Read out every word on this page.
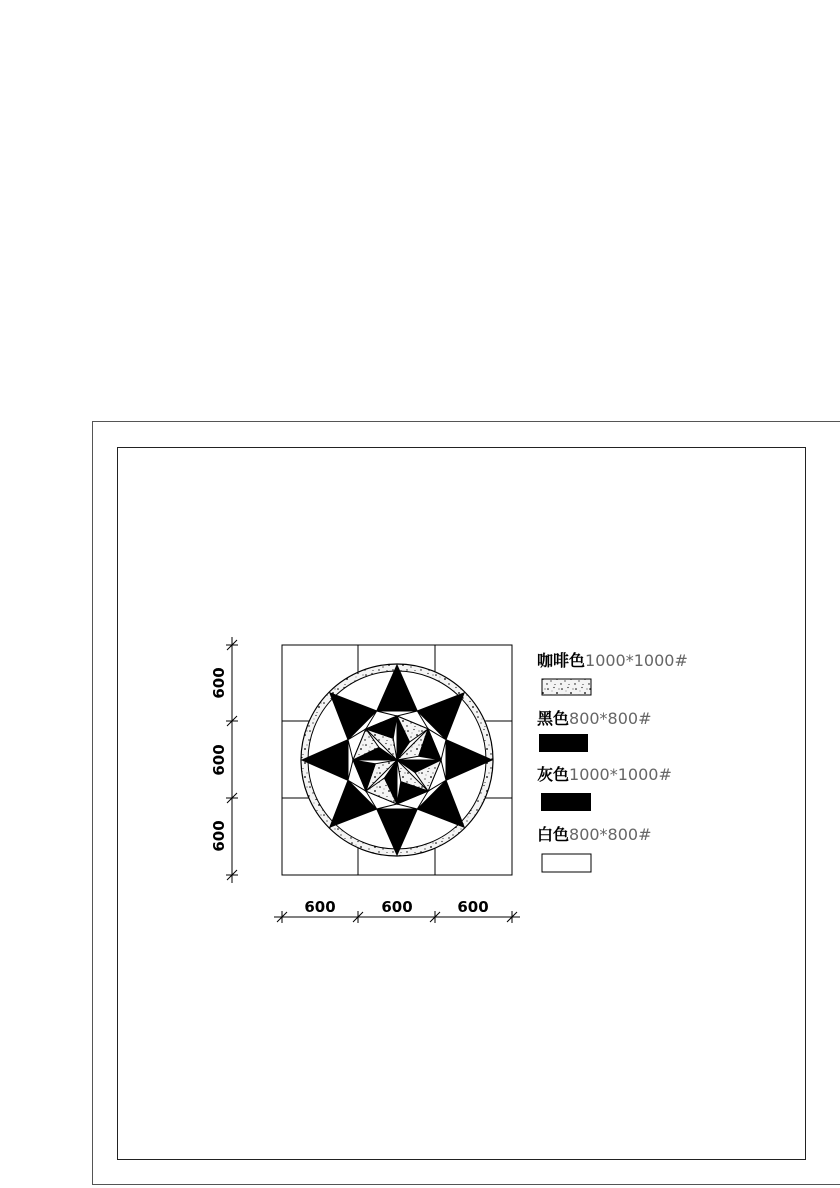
600
600
600
600	600	600
咖啡色1000*1000#
黑色800*800#
灰色1000*1000#
白色800*800#
